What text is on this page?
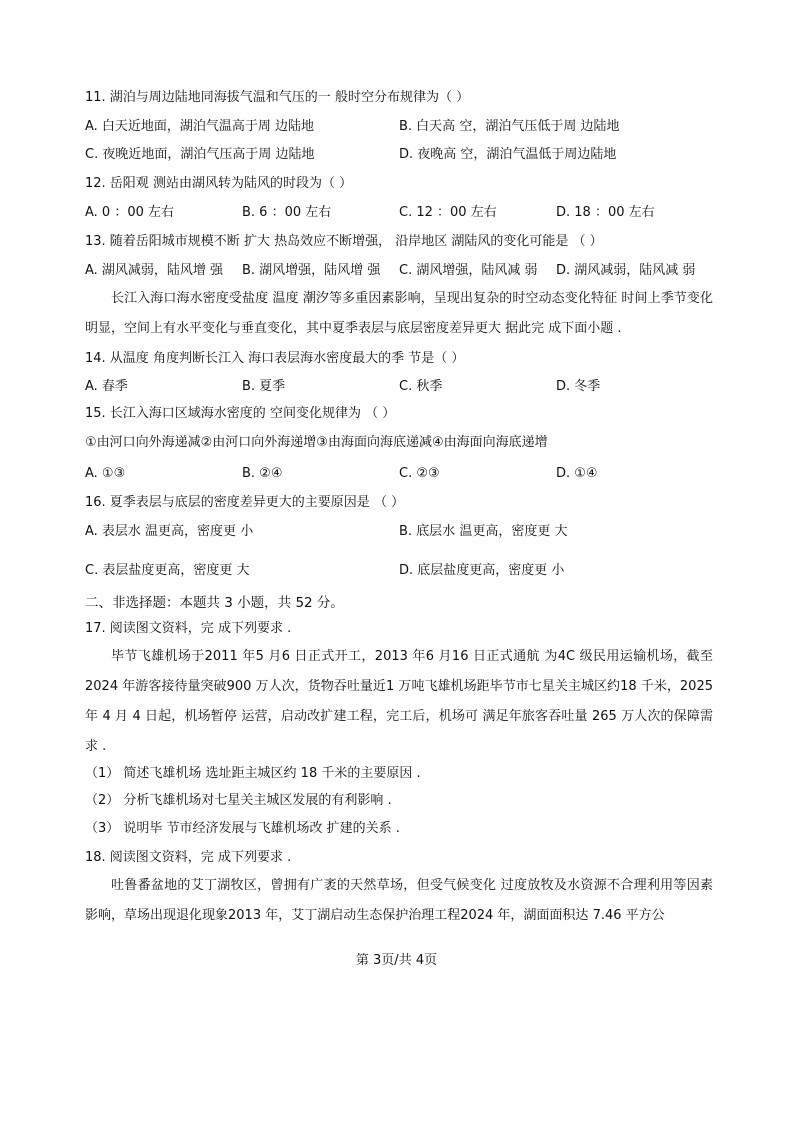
11. 湖泊与周边陆地同海拔气温和气压的一 般时空分布规律为（ ）
A. 白天近地面，湖泊气温高于周 边陆地	B. 白天高 空，湖泊气压低于周 边陆地
C. 夜晚近地面，湖泊气压高于周 边陆地	D. 夜晚高 空，湖泊气温低于周边陆地
12. 岳阳观 测站由湖风转为陆风的时段为（ ）
A. 0 ：00 左右	B. 6 ：00 左右	C. 12 ：00 左右	D. 18 ：00 左右
13. 随着岳阳城市规模不断 扩大 热岛效应不断增强， 沿岸地区 湖陆风的变化可能是 （ ）
A. 湖风减弱，陆风增 强 B. 湖风增强，陆风增 强 C. 湖风增强，陆风减 弱 D. 湖风减弱，陆风减 弱
长江入海口海水密度受盐度 温度 潮汐等多重因素影响，呈现出复杂的时空动态变化特征 时间上季节变化明显，空间上有水平变化与垂直变化，其中夏季表层与底层密度差异更大 据此完 成下面小题 .
14. 从温度 角度判断长江入 海口表层海水密度最大的季 节是（ ）
A. 春季	B. 夏季	C. 秋季	D. 冬季
15. 长江入海口区域海水密度的 空间变化规律为 （ ）
①由河口向外海递减②由河口向外海递增③由海面向海底递减④由海面向海底递增
A. ①③	B. ②④	C. ②③	D. ①④
16. 夏季表层与底层的密度差异更大的主要原因是 （ ）
A. 表层水 温更高，密度更 小	B. 底层水 温更高，密度更 大
C. 表层盐度更高，密度更 大	D. 底层盐度更高，密度更 小
二、非选择题：本题共 3 小题，共 52 分。
17. 阅读图文资料，完 成下列要求 .
毕节飞雄机场于2011 年5 月6 日正式开工，2013 年6 月16 日正式通航 为4C 级民用运输机场，截至2024 年游客接待量突破900 万人次，货物吞吐量近1 万吨飞雄机场距毕节市七星关主城区约18 千米，2025 年 4 月 4 日起，机场暂停 运营，启动改扩建工程，完工后，机场可 满足年旅客吞吐量 265 万人次的保障需求 .
（1） 简述飞雄机场 选址距主城区约 18 千米的主要原因 .
（2） 分析飞雄机场对七星关主城区发展的有利影响 .
（3） 说明毕 节市经济发展与飞雄机场改 扩建的关系 .
18. 阅读图文资料，完 成下列要求 .
吐鲁番盆地的艾丁湖牧区，曾拥有广袤的天然草场，但受气候变化 过度放牧及水资源不合理利用等因素影响，草场出现退化现象2013 年，艾丁湖启动生态保护治理工程2024 年，湖面面积达 7.46 平方公
第 3页/共 4页
